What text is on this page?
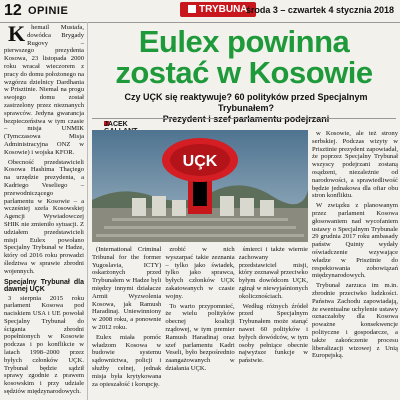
12 OPINIE	TRYBUNA
środa 3 – czwartek 4 stycznia 2018

Khemail Mustafa, dowódca Brygady Rugovy – pierwszego prezydenta Kosowa, 23 listopada 2000 roku wracał wieczorem z pracy do domu położonego na wzgórzu dzielnicy Dardhania w Prisztinie. Niemal na progu swojego domu został zastrzelony przez nieznanych sprawców. Jedyna gwarancja bezpieczeństwa w tym czasie – misja UNMIK (Tymczasowa Misja Administracyjna ONZ w Kosowie) i wojska KFOR.

Obecność przedstawicieli Kosowa Hashima Thaçiego na urzędzie prezydenta, a Kadriego Veseliego – przewodniczącego parlamentu w Kosowie – a wcześniej szefa Kosowskiej Agencji Wywiadowczej SHIK nie zmieniło sytuacji. Z udziałem przedstawicieli misji Eulex powołano Specjalny Trybunał w Hadze, który od 2016 roku prowadzi śledztwa w sprawie zbrodni wojennych.

Specjalny Trybunał dla dawnej UÇK

3 sierpnia 2015 roku parlament Kosowa pod naciskiem USA i UE powołał Specjalny Trybunał do ścigania zbrodni popełnionych w Kosowie podczas i po konflikcie w latach 1998–2000 przez byłych członków UÇK. Trybunał będzie sądził sprawy zgodnie z prawem kosowskim i przy udziale sędziów międzynarodowych.

Eulex powinna
zostać w Kosowie
Czy UÇK się reaktywuje? 60 polityków przed Specjalnym Trybunałem?
Prezydent i szef parlamentu podejrzani
JACEK
UÇK

w Kosowie, ale też strony serbskiej. Podczas wizyty w Prisztinie prezydent zapowiadał, że poprzez Specjalny Trybunał wszyscy podejrzani zostaną osądzeni, niezależnie od narodowości, a sprawiedliwość będzie jednakowa dla ofiar obu stron konfliktu.

W związku z planowanym przez parlament Kosowa głosowaniem nad wycofaniem ustawy o Specjalnym Trybunale 29 grudnia 2017 roku ambasady państw Quinty wydały oświadczenie wzywające władze w Prisztinie do respektowania zobowiązań międzynarodowych.

Trybunał zarzuca im m.in. zbrodnie przeciwko ludzkości. Państwa Zachodu zapowiadają, że ewentualne uchylenie ustawy oznaczałoby dla Kosowa poważne konsekwencje polityczne i gospodarcze, a także zakończenie procesu liberalizacji wizowej z Unią Europejską.

(International Criminal Tribunal for the former Yugoslavia, ICTY) oskarżonych przed Trybunałem w Hadze byli między innymi działacze Armii Wyzwolenia Kosowa, jak Ramush Haradinaj. Uniewinniony w 2008 roku, a ponownie w 2012 roku.

Eulex miała pomóc władzom Kosowa w budowie systemu sądownictwa, policji i służby celnej, jednak misja była krytykowana za opieszałość i korupcję.

zrobić w nich wyszarpać takie zeznania – tylko jako świadek, tylko jako sprawca, byłych członków UÇK zakatowanych w czasie wojny.

To warto przypomnieć, że wielu polityków obecnej koalicji rządowej, w tym premier Ramush Haradinaj oraz szef parlamentu Kadri Veseli, było bezpośrednio zaangażowanych w działania UÇK.

śmierci i także wiernie zachowany przedstawiciel misji, który zeznawał przeciwko byłym dowódcom UÇK, zginął w niewyjaśnionych okolicznościach.

Według różnych źródeł przed Specjalnym Trybunałem może stanąć nawet 60 polityków i byłych dowódców, w tym osoby pełniące obecnie najwyższe funkcje w państwie.
